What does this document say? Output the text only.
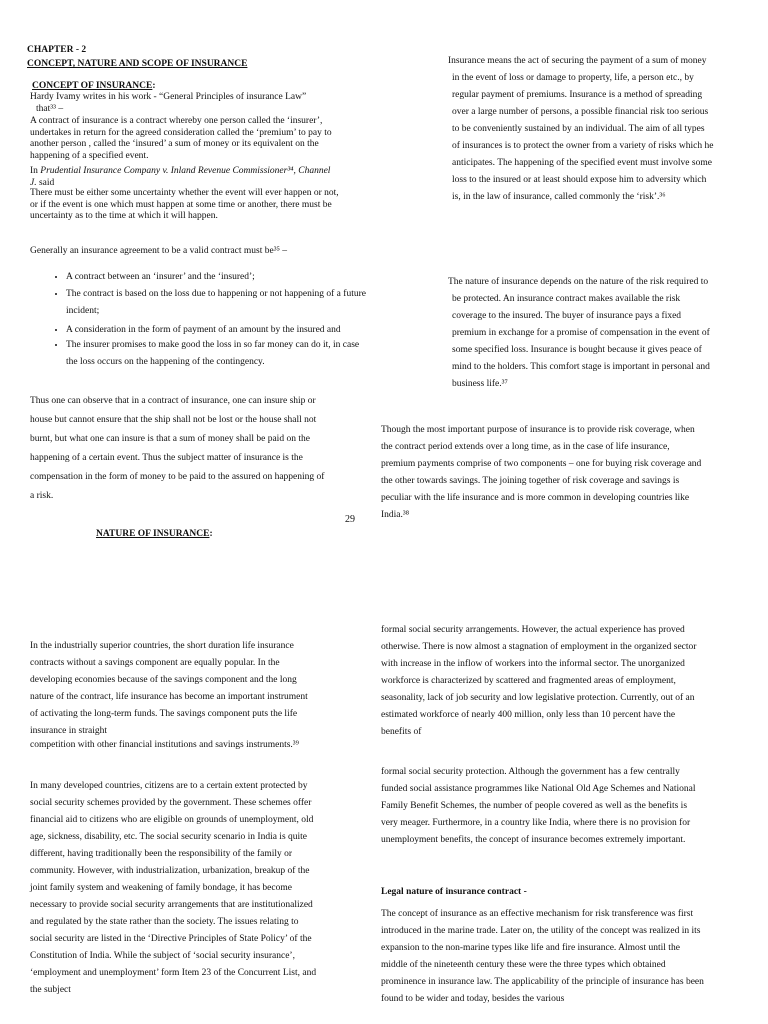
CHAPTER - 2
CONCEPT, NATURE AND SCOPE OF INSURANCE
CONCEPT OF INSURANCE:
Hardy Ivamy writes in his work - “General Principles of insurance Law”
that³³ –

A contract of insurance is a contract whereby one person called the ‘insurer’, undertakes in return for the agreed consideration called the ‘premium’ to pay to another person , called the ‘insured’ a sum of money or its equivalent on the happening of a specified event.

In Prudential Insurance Company v. Inland Revenue Commissioner³⁴, Channel J. said

There must be either some uncertainty whether the event will ever happen or not, or if the event is one which must happen at some time or another, there must be uncertainty as to the time at which it will happen.

Generally an insurance agreement to be a valid contract must be³⁵ –

• A contract between an ‘insurer’ and the ‘insured’;
• The contract is based on the loss due to happening or not happening of a future incident;
• A consideration in the form of payment of an amount by the insured and
• The insurer promises to make good the loss in so far money can do it, in case the loss occurs on the happening of the contingency.

Thus one can observe that in a contract of insurance, one can insure ship or house but cannot ensure that the ship shall not be lost or the house shall not burnt, but what one can insure is that a sum of money shall be paid on the happening of a certain event. Thus the subject matter of insurance is the compensation in the form of money to be paid to the assured on happening of a risk.

NATURE OF INSURANCE:
29

Insurance means the act of securing the payment of a sum of money in the event of loss or damage to property, life, a person etc., by regular payment of premiums. Insurance is a method of spreading over a large number of persons, a possible financial risk too serious to be conveniently sustained by an individual. The aim of all types of insurances is to protect the owner from a variety of risks which he anticipates. The happening of the specified event must involve some loss to the insured or at least should expose him to adversity which is, in the law of insurance, called commonly the ‘risk’.³⁶

The nature of insurance depends on the nature of the risk required to be protected. An insurance contract makes available the risk coverage to the insured. The buyer of insurance pays a fixed premium in exchange for a promise of compensation in the event of some specified loss. Insurance is bought because it gives peace of mind to the holders. This comfort stage is important in personal and business life.³⁷

Though the most important purpose of insurance is to provide risk coverage, when the contract period extends over a long time, as in the case of life insurance, premium payments comprise of two components – one for buying risk coverage and the other towards savings. The joining together of risk coverage and savings is peculiar with the life insurance and is more common in developing countries like India.³⁸

In the industrially superior countries, the short duration life insurance contracts without a savings component are equally popular. In the developing economies because of the savings component and the long nature of the contract, life insurance has become an important instrument of activating the long-term funds. The savings component puts the life insurance in straight

competition with other financial institutions and savings instruments.³⁹

In many developed countries, citizens are to a certain extent protected by social security schemes provided by the government. These schemes offer financial aid to citizens who are eligible on grounds of unemployment, old age, sickness, disability, etc. The social security scenario in India is quite different, having traditionally been the responsibility of the family or community. However, with industrialization, urbanization, breakup of the joint family system and weakening of family bondage, it has become necessary to provide social security arrangements that are institutionalized and regulated by the state rather than the society. The issues relating to social security are listed in the ‘Directive Principles of State Policy’ of the Constitution of India. While the subject of ‘social security insurance’, ‘employment and unemployment’ form Item 23 of the Concurrent List, and the subject

formal social security arrangements. However, the actual experience has proved otherwise. There is now almost a stagnation of employment in the organized sector with increase in the inflow of workers into the informal sector. The unorganized workforce is characterized by scattered and fragmented areas of employment, seasonality, lack of job security and low legislative protection. Currently, out of an estimated workforce of nearly 400 million, only less than 10 percent have the benefits of

formal social security protection. Although the government has a few centrally funded social assistance programmes like National Old Age Schemes and National Family Benefit Schemes, the number of people covered as well as the benefits is very meager. Furthermore, in a country like India, where there is no provision for unemployment benefits, the concept of insurance becomes extremely important.

Legal nature of insurance contract -

The concept of insurance as an effective mechanism for risk transference was first introduced in the marine trade. Later on, the utility of the concept was realized in its expansion to the non-marine types like life and fire insurance. Almost until the middle of the nineteenth century these were the three types which obtained prominence in insurance law. The applicability of the principle of insurance has been found to be wider and today, besides the various
